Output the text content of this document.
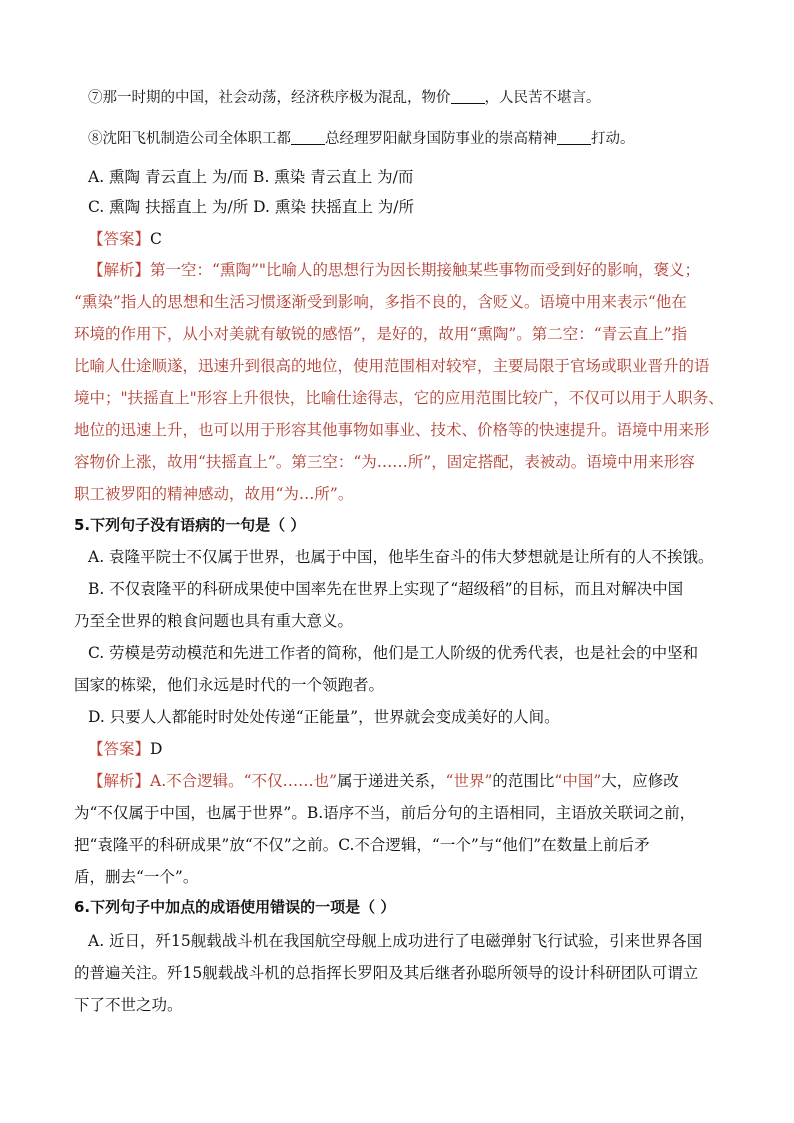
⑦那一时期的中国，社会动荡，经济秩序极为混乱，物价 ，人民苦不堪言。
⑧沈阳飞机制造公司全体职工都 总经理罗阳献身国防事业的崇高精神 打动。
A. 熏陶 青云直上 为/而 B. 熏染 青云直上 为/而
C. 熏陶 扶摇直上 为/所 D. 熏染 扶摇直上 为/所
【答案】C
【解析】第一空：“熏陶”"比喻人的思想行为因长期接触某些事物而受到好的影响，褒义；
“熏染”指人的思想和生活习惯逐渐受到影响，多指不良的，含贬义。语境中用来表示“他在
环境的作用下，从小对美就有敏锐的感悟”，是好的，故用“熏陶”。第二空：“青云直上”指
比喻人仕途顺遂，迅速升到很高的地位，使用范围相对较窄，主要局限于官场或职业晋升的语
境中；"扶摇直上"形容上升很快，比喻仕途得志，它的应用范围比较广，不仅可以用于人职务、
地位的迅速上升，也可以用于形容其他事物如事业、技术、价格等的快速提升。语境中用来形
容物价上涨，故用“扶摇直上”。第三空：“为……所”，固定搭配，表被动。语境中用来形容
职工被罗阳的精神感动，故用“为…所”。
5.下列句子没有语病的一句是（ ）
A. 袁隆平院士不仅属于世界，也属于中国，他毕生奋斗的伟大梦想就是让所有的人不挨饿。
B. 不仅袁隆平的科研成果使中国率先在世界上实现了“超级稻”的目标，而且对解决中国
乃至全世界的粮食问题也具有重大意义。
C. 劳模是劳动模范和先进工作者的简称，他们是工人阶级的优秀代表，也是社会的中坚和
国家的栋梁，他们永远是时代的一个领跑者。
D. 只要人人都能时时处处传递“正能量”，世界就会变成美好的人间。
【答案】D
【解析】A.不合逻辑。“不仅……也”属于递进关系，“世界”的范围比“中国”大，应修改
为“不仅属于中国，也属于世界”。B.语序不当，前后分句的主语相同，主语放关联词之前，
把“袁隆平的科研成果”放“不仅”之前。C.不合逻辑，“一个”与“他们”在数量上前后矛
盾，删去“一个”。
6.下列句子中加点的成语使用错误的一项是（ ）
A. 近日，歼15舰载战斗机在我国航空母舰上成功进行了电磁弹射飞行试验，引来世界各国
的普遍关注。歼15舰载战斗机的总指挥长罗阳及其后继者孙聪所领导的设计科研团队可谓立
下了不世之功。
